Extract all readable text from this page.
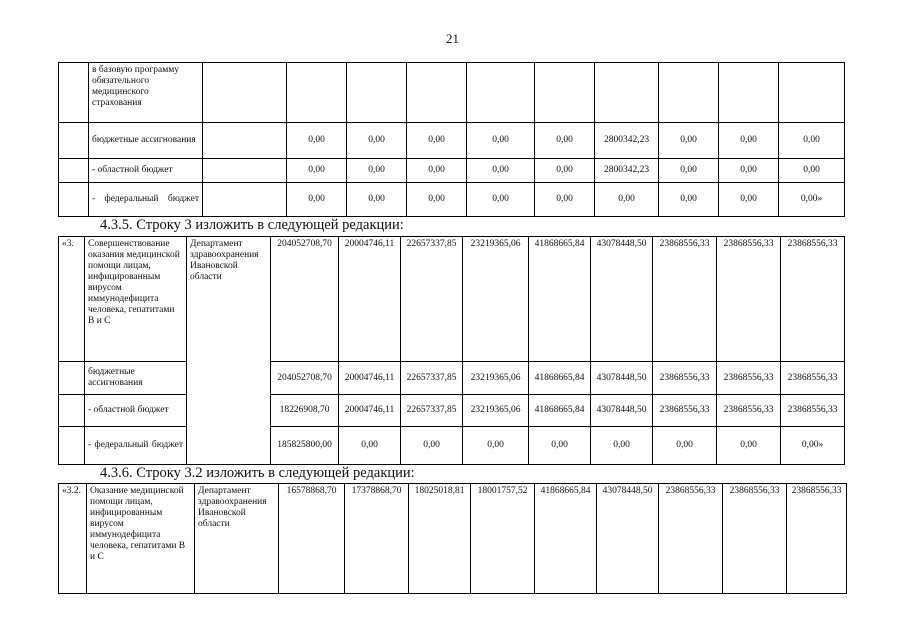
21
	в базовую программу обязательного медицинского страхования										
	бюджетные ассигнования		0,00	0,00	0,00	0,00	0,00	2800342,23	0,00	0,00	0,00
	- областной бюджет		0,00	0,00	0,00	0,00	0,00	2800342,23	0,00	0,00	0,00
	- федеральный бюджет		0,00	0,00	0,00	0,00	0,00	0,00	0,00	0,00	0,00»
4.3.5. Строку 3 изложить в следующей редакции:
«3.	Совершенствование оказания медицинской помощи лицам, инфицированным вирусом иммунодефицита человека, гепатитами В и С	Департамент здравоохранения Ивановской области	204052708,70	20004746,11	22657337,85	23219365,06	41868665,84	43078448,50	23868556,33	23868556,33	23868556,33
	бюджетные ассигнования		204052708,70	20004746,11	22657337,85	23219365,06	41868665,84	43078448,50	23868556,33	23868556,33	23868556,33
	- областной бюджет		18226908,70	20004746,11	22657337,85	23219365,06	41868665,84	43078448,50	23868556,33	23868556,33	23868556,33
	- федеральный бюджет		185825800,00	0,00	0,00	0,00	0,00	0,00	0,00	0,00	0,00»
4.3.6. Строку 3.2 изложить в следующей редакции:
«3.2.	Оказание медицинской помощи лицам, инфицированным вирусом иммунодефицита человека, гепатитами В и С	Департамент здравоохранения Ивановской области	16578868,70	17378868,70	18025018,81	18001757,52	41868665,84	43078448,50	23868556,33	23868556,33	23868556,33
